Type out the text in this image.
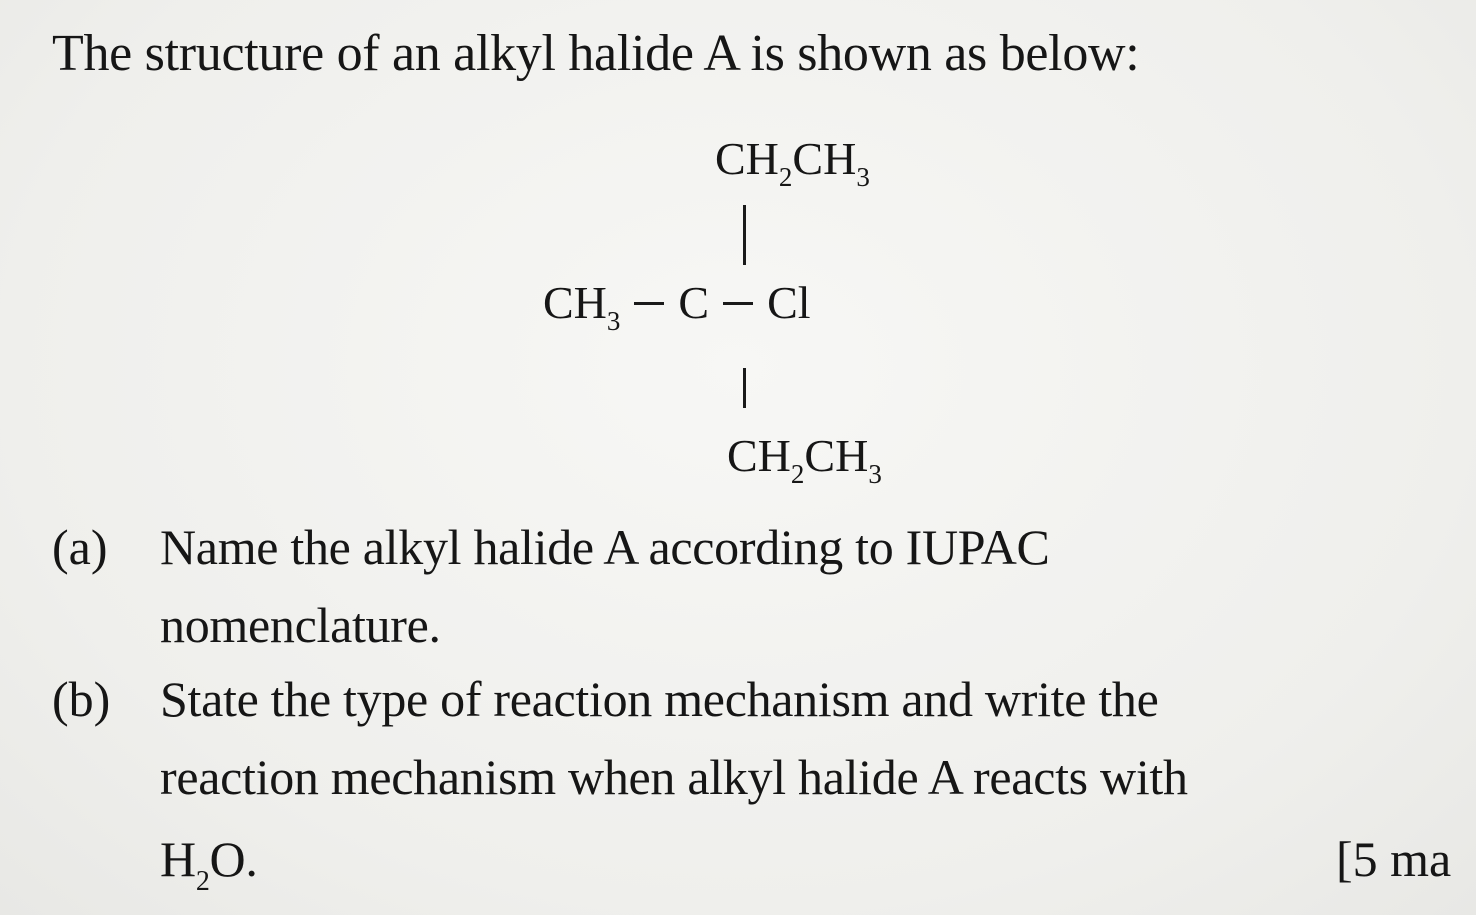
The structure of an alkyl halide A is shown as below:
$CH_2CH_3$
$CH_3$ C Cl
$CH_2CH_3$
(a) Name the alkyl halide A according to IUPAC
nomenclature.
(b) State the type of reaction mechanism and write the
reaction mechanism when alkyl halide A reacts with
$H_2O$.	[5 ma
